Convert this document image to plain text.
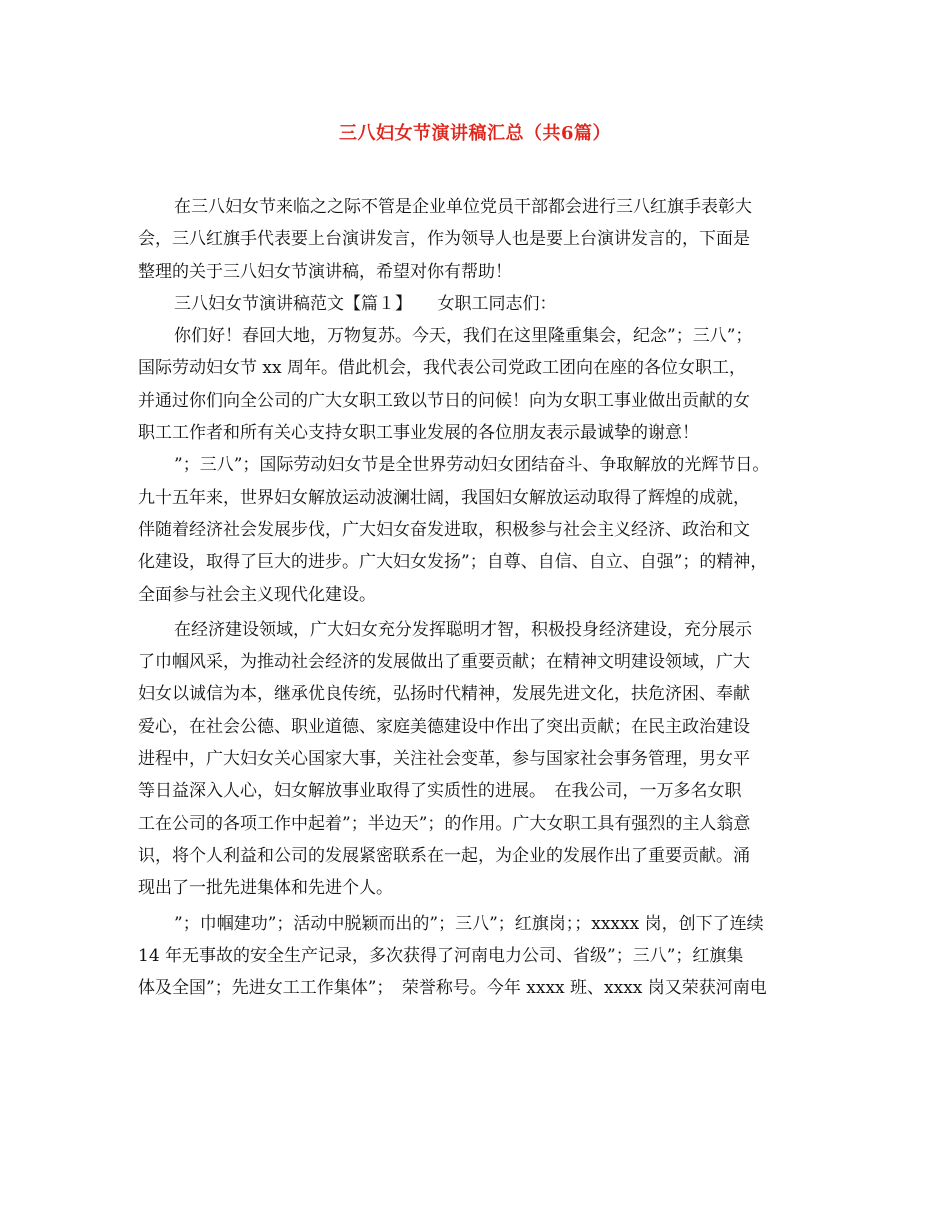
三八妇女节演讲稿汇总（共6篇）
在三八妇女节来临之之际不管是企业单位党员干部都会进行三八红旗手表彰大
会，三八红旗手代表要上台演讲发言，作为领导人也是要上台演讲发言的，下面是
整理的关于三八妇女节演讲稿，希望对你有帮助！
三八妇女节演讲稿范文【篇１】　　女职工同志们：
你们好！春回大地，万物复苏。今天，我们在这里隆重集会，纪念”；三八”；
国际劳动妇女节 xx 周年。借此机会，我代表公司党政工团向在座的各位女职工，
并通过你们向全公司的广大女职工致以节日的问候！向为女职工事业做出贡献的女
职工工作者和所有关心支持女职工事业发展的各位朋友表示最诚挚的谢意！
”；三八”；国际劳动妇女节是全世界劳动妇女团结奋斗、争取解放的光辉节日。
九十五年来，世界妇女解放运动波澜壮阔，我国妇女解放运动取得了辉煌的成就，
伴随着经济社会发展步伐，广大妇女奋发进取，积极参与社会主义经济、政治和文
化建设，取得了巨大的进步。广大妇女发扬”；自尊、自信、自立、自强”；的精神，
全面参与社会主义现代化建设。
在经济建设领域，广大妇女充分发挥聪明才智，积极投身经济建设，充分展示
了巾帼风采，为推动社会经济的发展做出了重要贡献；在精神文明建设领域，广大
妇女以诚信为本，继承优良传统，弘扬时代精神，发展先进文化，扶危济困、奉献
爱心，在社会公德、职业道德、家庭美德建设中作出了突出贡献；在民主政治建设
进程中，广大妇女关心国家大事，关注社会变革，参与国家社会事务管理，男女平
等日益深入人心，妇女解放事业取得了实质性的进展。　在我公司，一万多名女职
工在公司的各项工作中起着”；半边天”；的作用。广大女职工具有强烈的主人翁意
识，将个人利益和公司的发展紧密联系在一起，为企业的发展作出了重要贡献。涌
现出了一批先进集体和先进个人。
”；巾帼建功”；活动中脱颖而出的”；三八”；红旗岗；；xxxxx 岗，创下了连续
14 年无事故的安全生产记录，多次获得了河南电力公司、省级”；三八”；红旗集
体及全国”；先进女工工作集体”；　荣誉称号。今年 xxxx 班、xxxx 岗又荣获河南电
